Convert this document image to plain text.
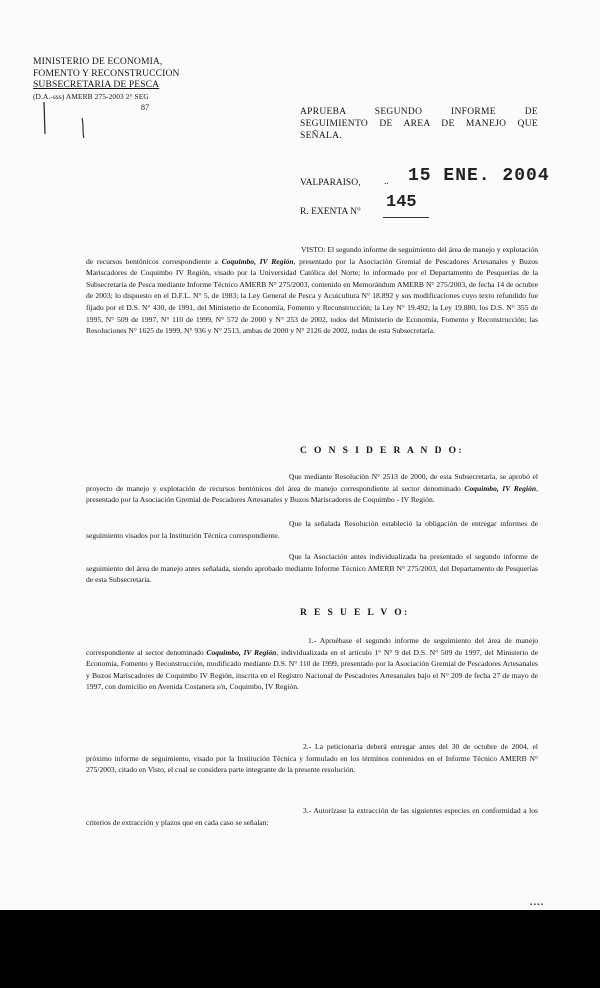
MINISTERIO DE ECONOMIA,
FOMENTO Y RECONSTRUCCION
SUBSECRETARIA DE PESCA
(D.A.-sss) AMERB 275-2003 2° SEG
87	APRUEBA SEGUNDO INFORME DE SEGUIMIENTO DE AREA DE MANEJO QUE SEÑALA.
VALPARAISO,	.. 15 ENE. 2004
R. EXENTA N° 145
VISTO: El segundo informe de seguimiento del área de manejo y explotación de recursos bentónicos correspondiente a Coquimbo, IV Región, presentado por la Asociación Gremial de Pescadores Artesanales y Buzos Mariscadores de Coquimbo IV Región, visado por la Universidad Católica del Norte; lo informado por el Departamento de Pesquerías de la Subsecretaría de Pesca mediante Informe Técnico AMERB N° 275/2003, contenido en Memorándum AMERB N° 275/2003, de fecha 14 de octubre de 2003; lo dispuesto en el D.F.L. N° 5, de 1983; la Ley General de Pesca y Acuicultura N° 18.892 y sus modificaciones cuyo texto refundido fue fijado por el D.S. N° 430, de 1991, del Ministerio de Economía, Fomento y Reconstrucción; la Ley N° 19.492; la Ley 19.880, los D.S. N° 355 de 1995, N° 509 de 1997, N° 110 de 1999, N° 572 de 2000 y N° 253 de 2002, todos del Ministerio de Economía, Fomento y Reconstrucción; las Resoluciones N° 1625 de 1999, N° 936 y N° 2513, ambas de 2000 y N° 2126 de 2002, todas de esta Subsecretaría.
C O N S I D E R A N D O:
Que mediante Resolución N° 2513 de 2000, de esta Subsecretaría, se aprobó el proyecto de manejo y explotación de recursos bentónicos del área de manejo correspondiente al sector denominado Coquimbo, IV Región, presentado por la Asociación Gremial de Pescadores Artesanales y Buzos Mariscadores de Coquimbo - IV Región.
Que la señalada Resolución estableció la obligación de entregar informes de seguimiento visados por la Institución Técnica correspondiente.
Que la Asociación antes individualizada ha presentado el segundo informe de seguimiento del área de manejo antes señalada, siendo aprobado mediante Informe Técnico AMERB N° 275/2003, del Departamento de Pesquerías de esta Subsecretaría.
R E S U E L V O:
1.- Apruébase el segundo informe de seguimiento del área de manejo correspondiente al sector denominado Coquimbo, IV Región, individualizada en el artículo 1° N° 9 del D.S. N° 509 de 1997, del Ministerio de Economía, Fomento y Reconstrucción, modificado mediante D.S. N° 110 de 1999, presentado por la Asociación Gremial de Pescadores Artesanales y Buzos Mariscadores de Coquimbo IV Región, inscrita en el Registro Nacional de Pescadores Artesanales bajo el N° 209 de fecha 27 de mayo de 1997, con domicilio en Avenida Costanera s/n, Coquimbo, IV Región.
2.- La peticionaria deberá entregar antes del 30 de octubre de 2004, el próximo informe de seguimiento, visado por la Institución Técnica y formulado en los términos contenidos en el Informe Técnico AMERB N° 275/2003, citado en Visto, el cual se considera parte integrante de la presente resolución.
3.- Autorízase la extracción de las siguientes especies en conformidad a los criterios de extracción y plazos que en cada caso se señalan:
▪ ▪ ▪ ▪
